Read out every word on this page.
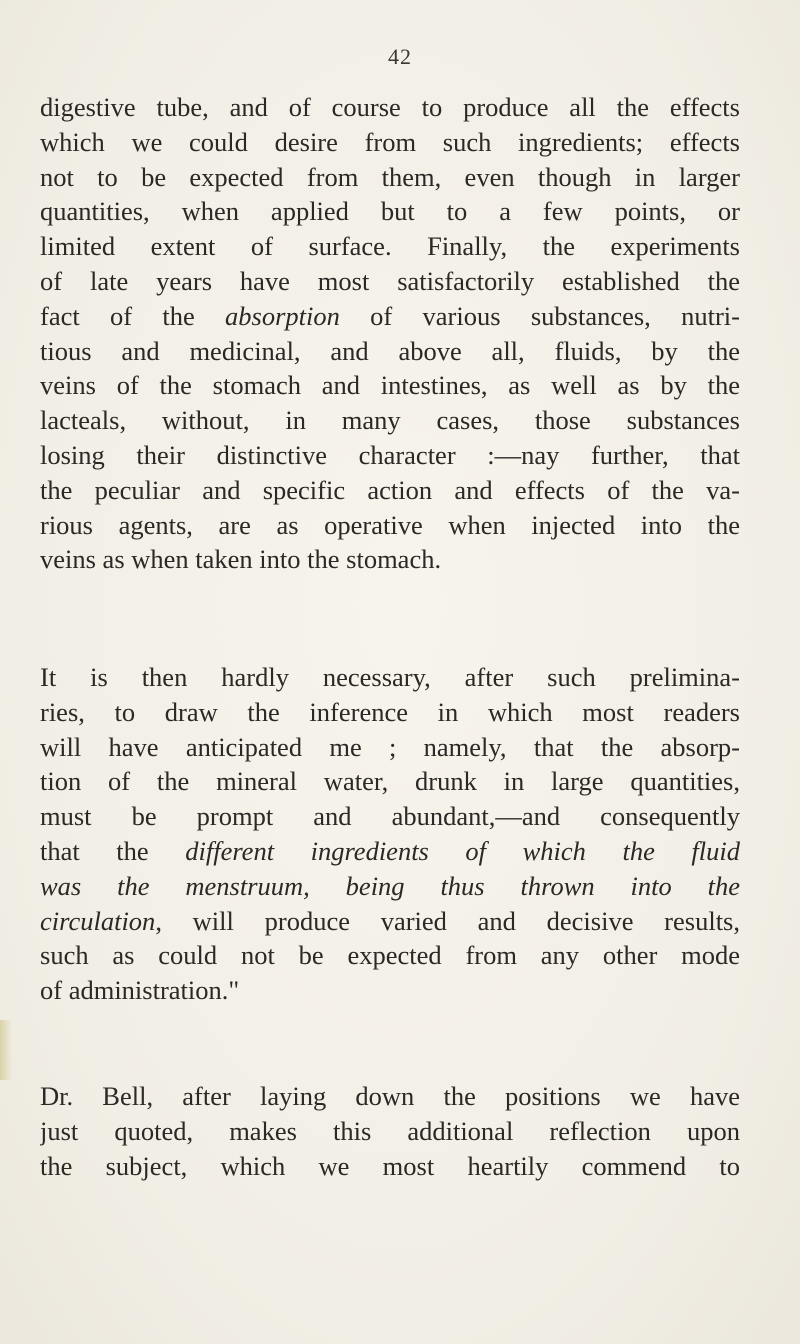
42
digestive tube, and of course to produce all the effects
which we could desire from such ingredients; effects
not to be expected from them, even though in larger
quantities, when applied but to a few points, or
limited extent of surface. Finally, the experiments
of late years have most satisfactorily established the
fact of the absorption of various substances, nutri-
tious and medicinal, and above all, fluids, by the
veins of the stomach and intestines, as well as by the
lacteals, without, in many cases, those substances
losing their distinctive character :—nay further, that
the peculiar and specific action and effects of the va-
rious agents, are as operative when injected into the
veins as when taken into the stomach.
It is then hardly necessary, after such prelimina-
ries, to draw the inference in which most readers
will have anticipated me ; namely, that the absorp-
tion of the mineral water, drunk in large quantities,
must be prompt and abundant,—and consequently
that the different ingredients of which the fluid
was the menstruum, being thus thrown into the
circulation, will produce varied and decisive results,
such as could not be expected from any other mode
of administration."
Dr. Bell, after laying down the positions we have
just quoted, makes this additional reflection upon
the subject, which we most heartily commend to
